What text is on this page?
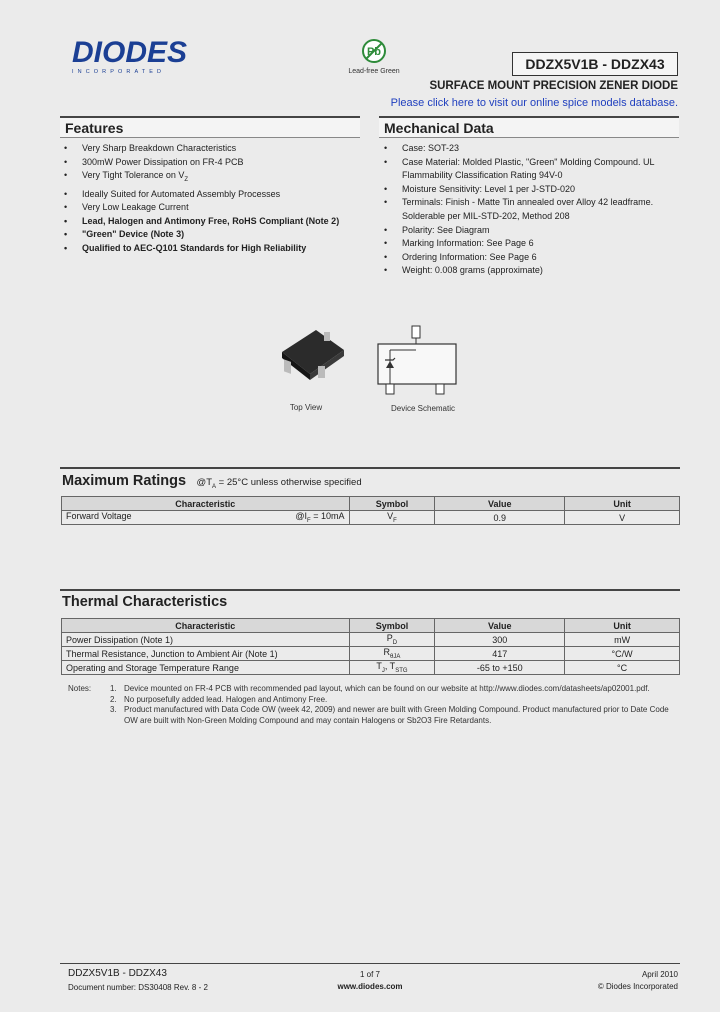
DIODES
INCORPORATED
Pb
Lead-free Green	DDZX5V1B - DDZX43
SURFACE MOUNT PRECISION ZENER DIODE
Please click here to visit our online spice models database.
Features
• Very Sharp Breakdown Characteristics
• 300mW Power Dissipation on FR-4 PCB
• Very Tight Tolerance on $V_Z$
• Ideally Suited for Automated Assembly Processes
• Very Low Leakage Current
• Lead, Halogen and Antimony Free, RoHS Compliant (Note 2)
• "Green" Device (Note 3)
• Qualified to AEC-Q101 Standards for High Reliability
Mechanical Data
• Case: SOT-23
• Case Material: Molded Plastic, "Green" Molding Compound. UL Flammability Classification Rating 94V-0
• Moisture Sensitivity: Level 1 per J-STD-020
• Terminals: Finish - Matte Tin annealed over Alloy 42 leadframe. Solderable per MIL-STD-202, Method 208
• Polarity: See Diagram
• Marking Information: See Page 6
• Ordering Information: See Page 6
• Weight: 0.008 grams (approximate)
Top View	Device Schematic
Maximum Ratings $@T_A = 25^\circ C$ unless otherwise specified
Characteristic	Symbol	Value	Unit
Forward Voltage $@I_F = 10mA$	$V_F$	0.9	V
Thermal Characteristics
Characteristic	Symbol	Value	Unit
Power Dissipation (Note 1)	$P_D$	300	mW
Thermal Resistance, Junction to Ambient Air (Note 1)	$R_{\theta JA}$	417	°C/W
Operating and Storage Temperature Range	$T_J$, $T_{STG}$	-65 to +150	°C
Notes:	1. Device mounted on FR-4 PCB with recommended pad layout, which can be found on our website at http://www.diodes.com/datasheets/ap02001.pdf.
2. No purposefully added lead. Halogen and Antimony Free.
3. Product manufactured with Data Code OW (week 42, 2009) and newer are built with Green Molding Compound. Product manufactured prior to Date Code OW are built with Non-Green Molding Compound and may contain Halogens or Sb2O3 Fire Retardants.
DDZX5V1B - DDZX43
Document number: DS30408 Rev. 8 - 2
1 of 7
www.diodes.com
April 2010
© Diodes Incorporated
